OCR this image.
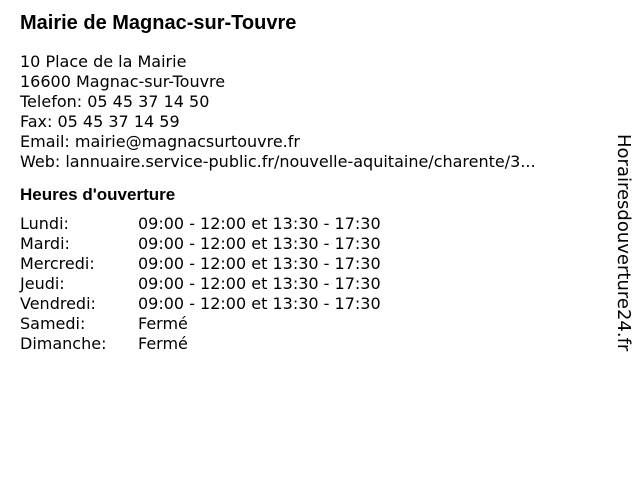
Mairie de Magnac-sur-Touvre
10 Place de la Mairie
16600 Magnac-sur-Touvre
Telefon: 05 45 37 14 50
Fax: 05 45 37 14 59
Email: mairie@magnacsurtouvre.fr
Web: lannuaire.service-public.fr/nouvelle-aquitaine/charente/3...
Heures d'ouverture
Lundi:	09:00 - 12:00 et 13:30 - 17:30
Mardi:	09:00 - 12:00 et 13:30 - 17:30
Mercredi:	09:00 - 12:00 et 13:30 - 17:30
Jeudi:	09:00 - 12:00 et 13:30 - 17:30
Vendredi:	09:00 - 12:00 et 13:30 - 17:30
Samedi:	Fermé
Dimanche:	Fermé	Horairesdouverture24.fr
